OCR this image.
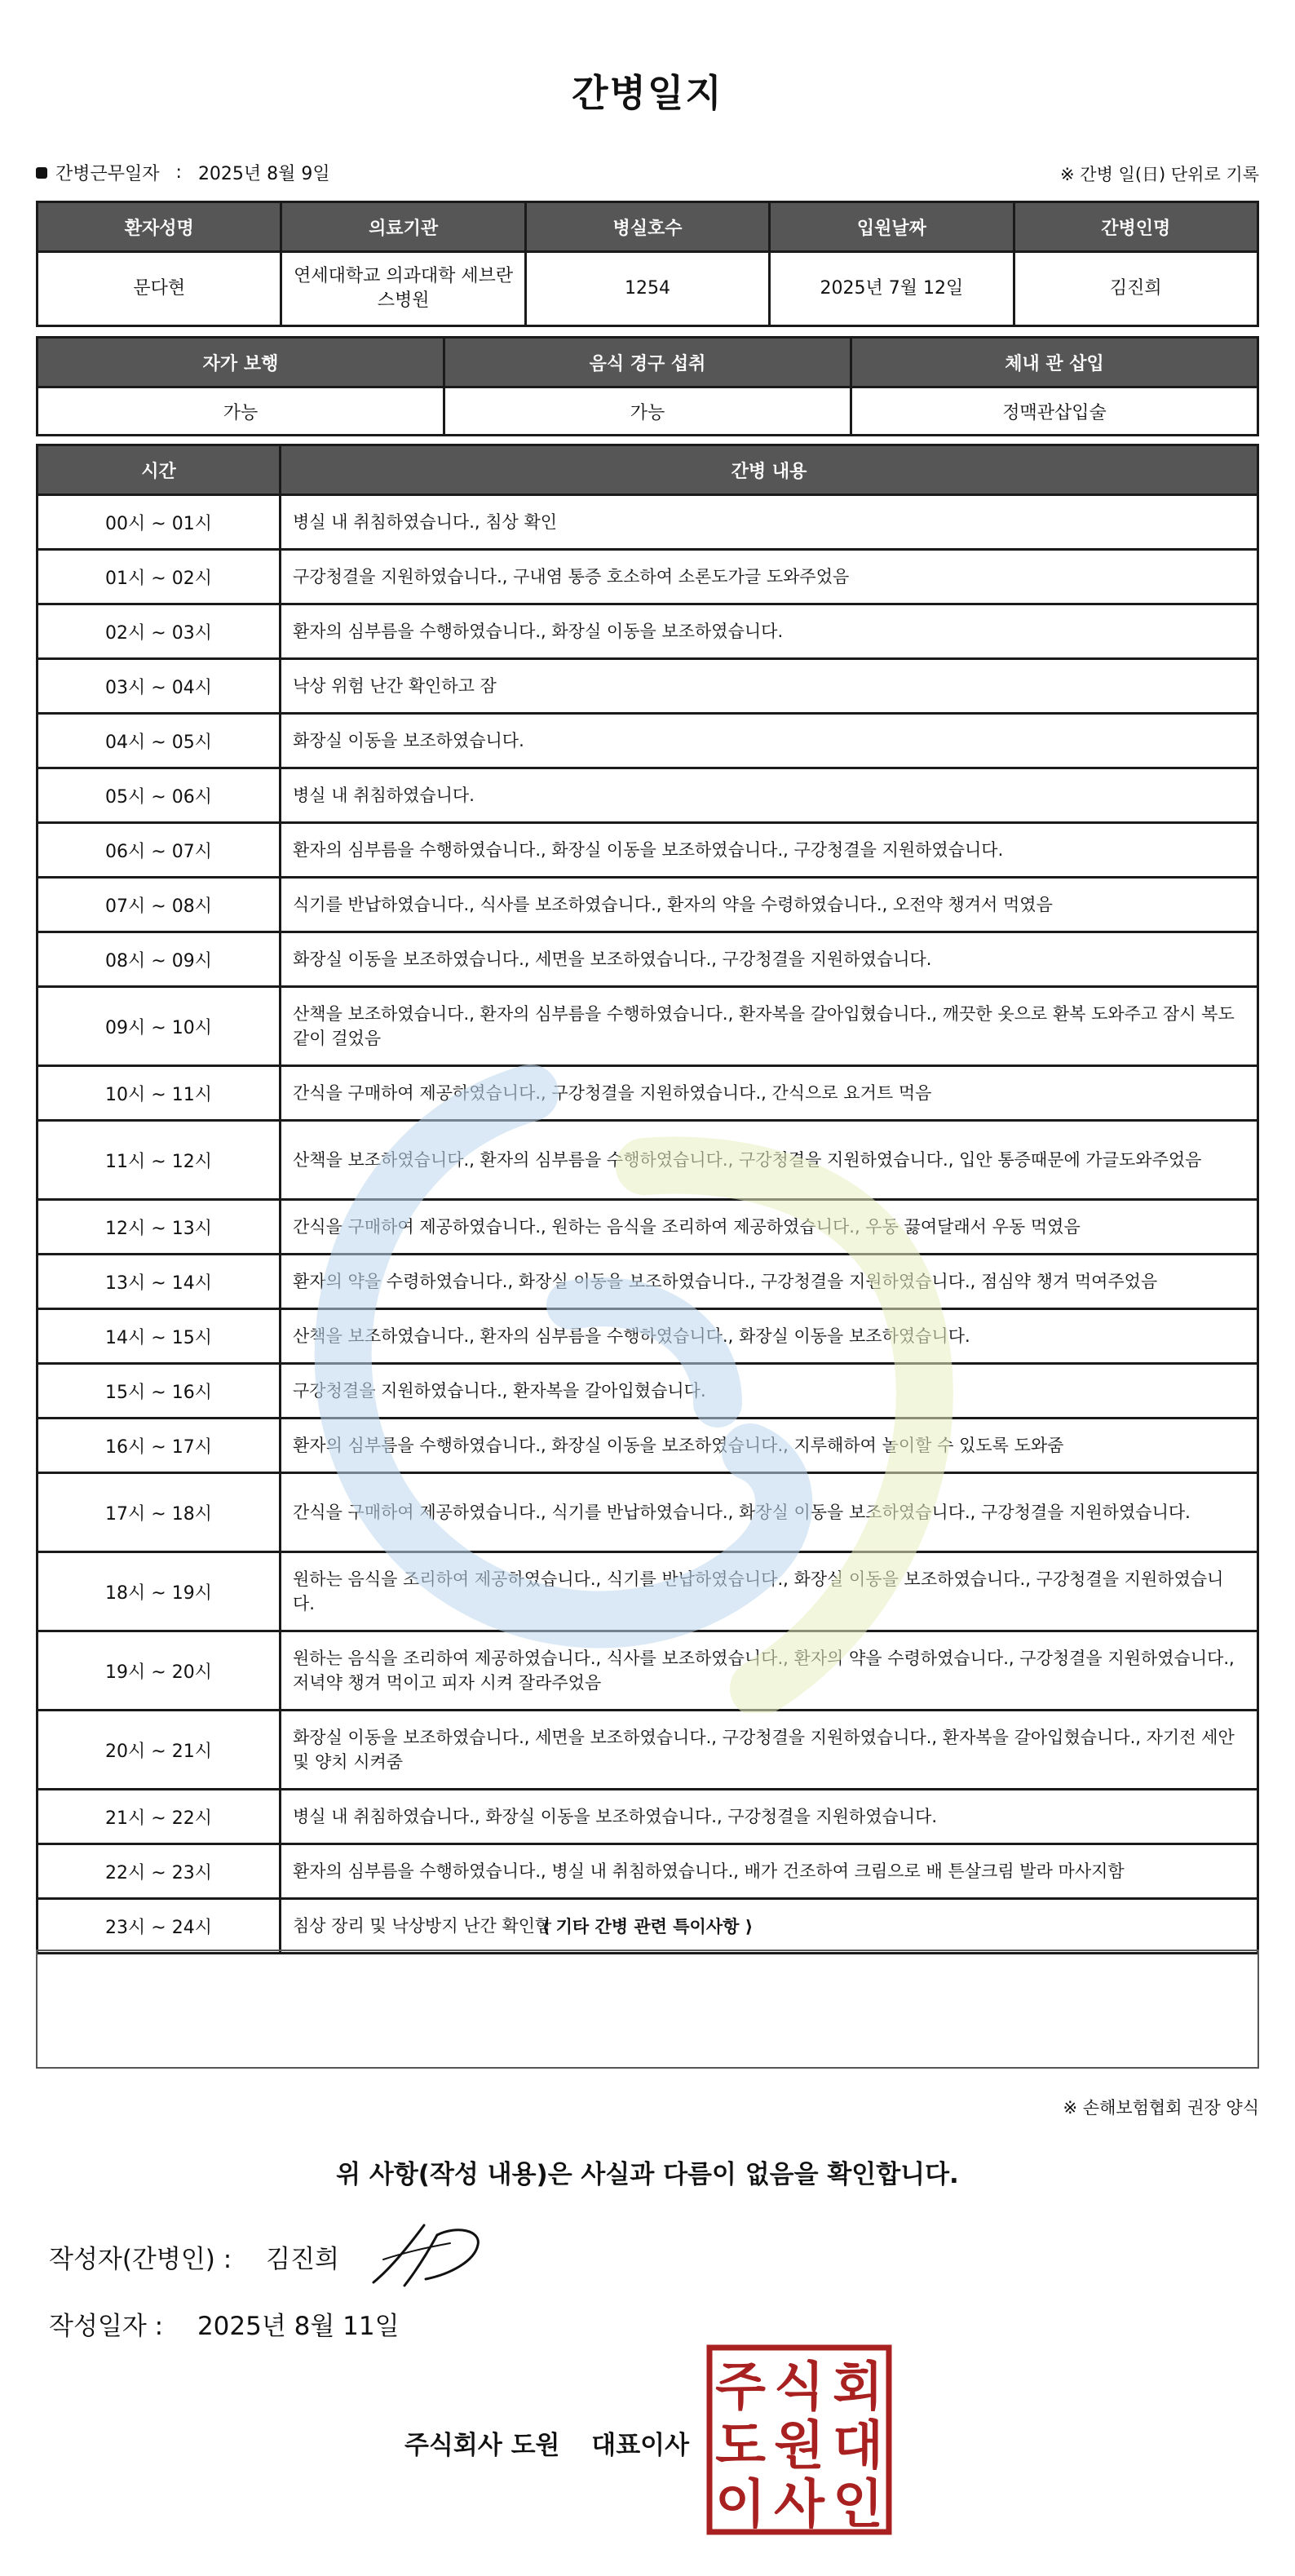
간병일지
간병근무일자 : 2025년 8월 9일	※ 간병 일(日) 단위로 기록
환자성명	의료기관	병실호수	입원날짜	간병인명
문다현	연세대학교 의과대학 세브란스병원	1254	2025년 7월 12일	김진희
자가 보행	음식 경구 섭취	체내 관 삽입
가능	가능	정맥관삽입술
시간	간병 내용
00시 ~ 01시	병실 내 취침하였습니다., 침상 확인
01시 ~ 02시	구강청결을 지원하였습니다., 구내염 통증 호소하여 소론도가글 도와주었음
02시 ~ 03시	환자의 심부름을 수행하였습니다., 화장실 이동을 보조하였습니다.
03시 ~ 04시	낙상 위험 난간 확인하고 잠
04시 ~ 05시	화장실 이동을 보조하였습니다.
05시 ~ 06시	병실 내 취침하였습니다.
06시 ~ 07시	환자의 심부름을 수행하였습니다., 화장실 이동을 보조하였습니다., 구강청결을 지원하였습니다.
07시 ~ 08시	식기를 반납하였습니다., 식사를 보조하였습니다., 환자의 약을 수령하였습니다., 오전약 챙겨서 먹였음
08시 ~ 09시	화장실 이동을 보조하였습니다., 세면을 보조하였습니다., 구강청결을 지원하였습니다.
09시 ~ 10시	산책을 보조하였습니다., 환자의 심부름을 수행하였습니다., 환자복을 갈아입혔습니다., 깨끗한 옷으로 환복 도와주고 잠시 복도 같이 걸었음
10시 ~ 11시	간식을 구매하여 제공하였습니다., 구강청결을 지원하였습니다., 간식으로 요거트 먹음
11시 ~ 12시	산책을 보조하였습니다., 환자의 심부름을 수행하였습니다., 구강청결을 지원하였습니다., 입안 통증때문에 가글도와주었음
12시 ~ 13시	간식을 구매하여 제공하였습니다., 원하는 음식을 조리하여 제공하였습니다., 우동 끓여달래서 우동 먹였음
13시 ~ 14시	환자의 약을 수령하였습니다., 화장실 이동을 보조하였습니다., 구강청결을 지원하였습니다., 점심약 챙겨 먹여주었음
14시 ~ 15시	산책을 보조하였습니다., 환자의 심부름을 수행하였습니다., 화장실 이동을 보조하였습니다.
15시 ~ 16시	구강청결을 지원하였습니다., 환자복을 갈아입혔습니다.
16시 ~ 17시	환자의 심부름을 수행하였습니다., 화장실 이동을 보조하였습니다., 지루해하여 놀이할 수 있도록 도와줌
17시 ~ 18시	간식을 구매하여 제공하였습니다., 식기를 반납하였습니다., 화장실 이동을 보조하였습니다., 구강청결을 지원하였습니다.
18시 ~ 19시	원하는 음식을 조리하여 제공하였습니다., 식기를 반납하였습니다., 화장실 이동을 보조하였습니다., 구강청결을 지원하였습니다.
19시 ~ 20시	원하는 음식을 조리하여 제공하였습니다., 식사를 보조하였습니다., 환자의 약을 수령하였습니다., 구강청결을 지원하였습니다., 저녁약 챙겨 먹이고 피자 시켜 잘라주었음
20시 ~ 21시	화장실 이동을 보조하였습니다., 세면을 보조하였습니다., 구강청결을 지원하였습니다., 환자복을 갈아입혔습니다., 자기전 세안 및 양치 시켜줌
21시 ~ 22시	병실 내 취침하였습니다., 화장실 이동을 보조하였습니다., 구강청결을 지원하였습니다.
22시 ~ 23시	환자의 심부름을 수행하였습니다., 병실 내 취침하였습니다., 배가 건조하여 크림으로 배 튼살크림 발라 마사지함
23시 ~ 24시	침상 장리 및 낙상방지 난간 확인함
⟨ 기타 간병 관련 특이사항 ⟩
※ 손해보험협회 권장 양식
위 사항(작성 내용)은 사실과 다름이 없음을 확인합니다.
작성자(간병인) : 김진희
작성일자 : 2025년 8월 11일
주식회사 도원 대표이사
주 식 회
도 원 대
이 사 인
